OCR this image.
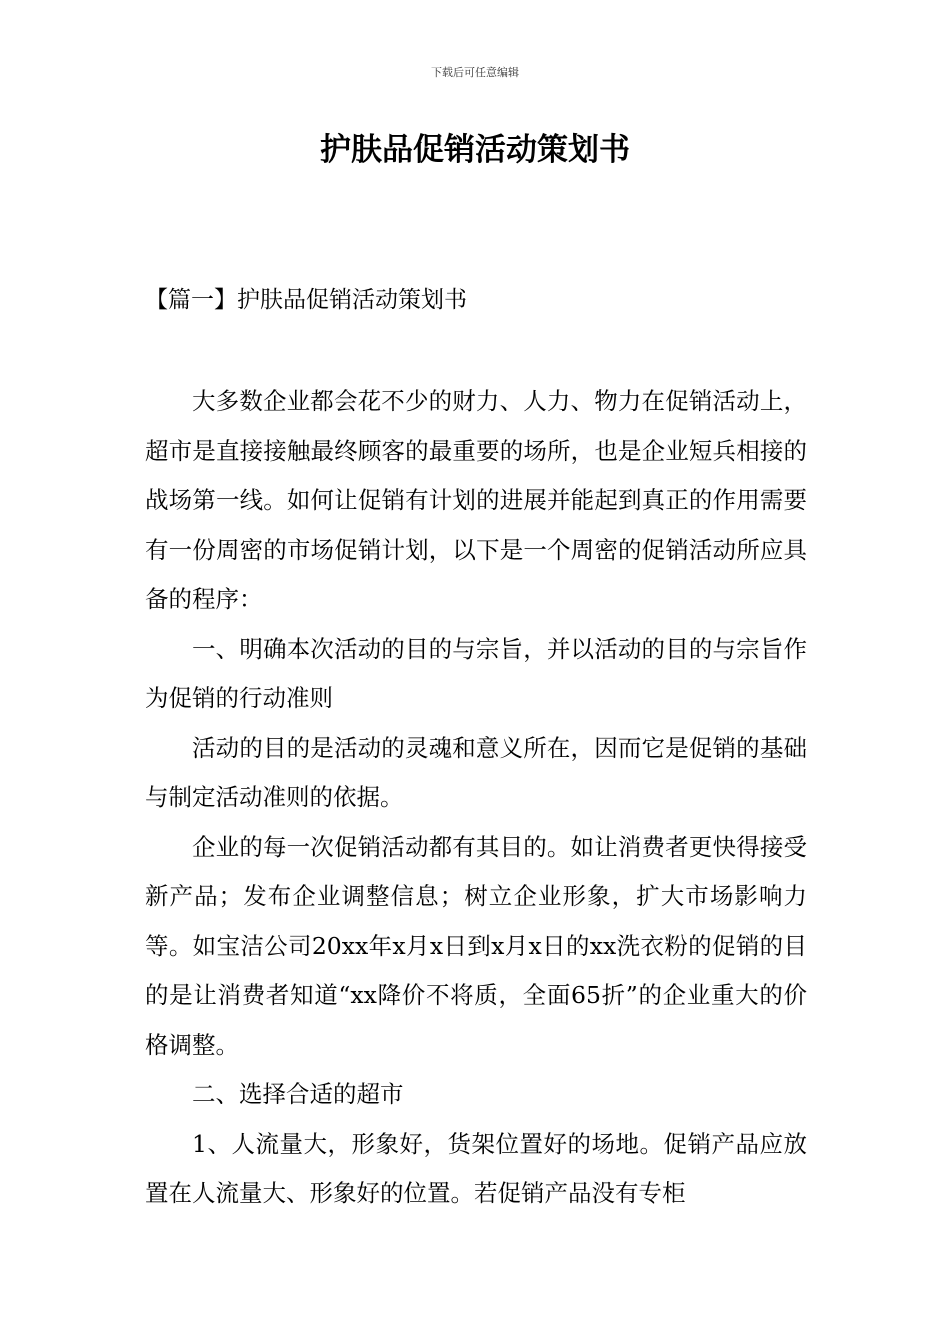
下载后可任意编辑
护肤品促销活动策划书
【篇一】护肤品促销活动策划书

大多数企业都会花不少的财力、人力、物力在促销活动上，超市是直接接触最终顾客的最重要的场所，也是企业短兵相接的战场第一线。如何让促销有计划的进展并能起到真正的作用需要有一份周密的市场促销计划，以下是一个周密的促销活动所应具备的程序：

一、明确本次活动的目的与宗旨，并以活动的目的与宗旨作为促销的行动准则

活动的目的是活动的灵魂和意义所在，因而它是促销的基础与制定活动准则的依据。

企业的每一次促销活动都有其目的。如让消费者更快得接受新产品；发布企业调整信息；树立企业形象，扩大市场影响力等。如宝洁公司20xx年x月x日到x月x日的xx洗衣粉的促销的目的是让消费者知道“xx降价不将质，全面65折”的企业重大的价格调整。

二、选择合适的超市

1、人流量大，形象好，货架位置好的场地。促销产品应放置在人流量大、形象好的位置。若促销产品没有专柜
